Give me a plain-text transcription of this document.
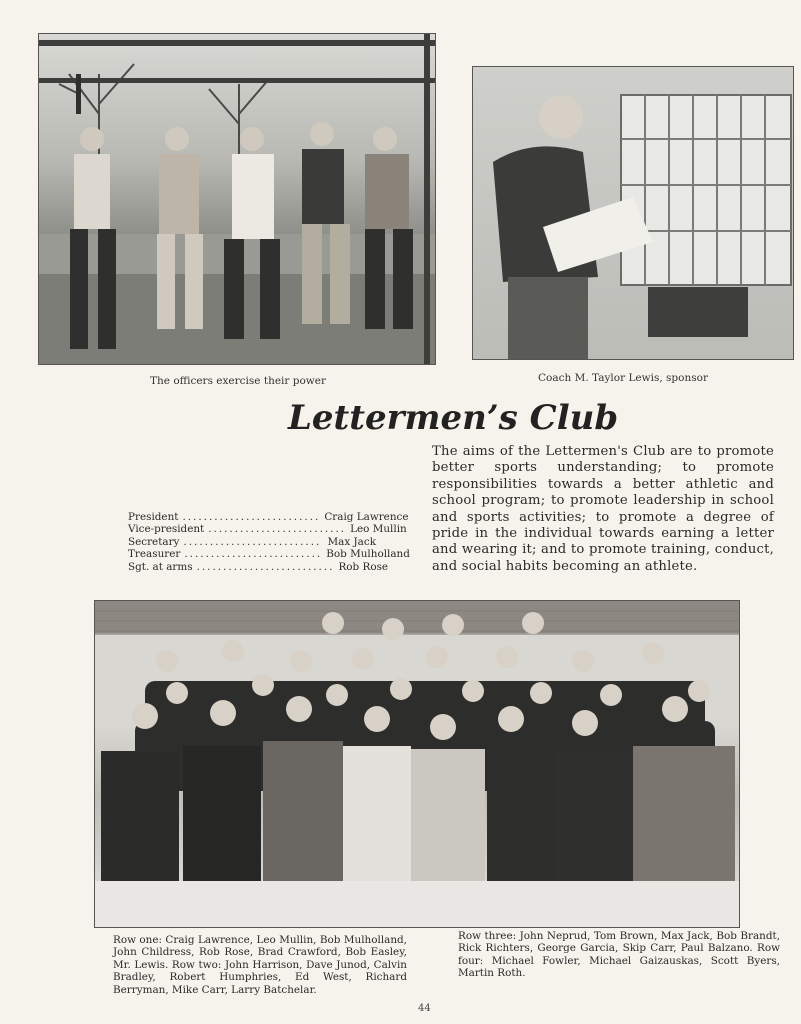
The officers exercise their power	Coach M. Taylor Lewis, sponsor
Lettermen’s Club
The aims of the Lettermen's Club are to promote better sports understanding; to promote responsibilities towards a better athletic and school program; to promote leadership in school and sports activities; to promote a degree of pride in the individual towards earning a letter and wearing it; and to promote training, conduct, and social habits becoming an athlete.
President .......................... Craig Lawrence
Vice-president .......................... Leo Mullin
Secretary .......................... Max Jack
Treasurer .......................... Bob Mulholland
Sgt. at arms .......................... Rob Rose
Row one: Craig Lawrence, Leo Mullin, Bob Mulholland, John Childress, Rob Rose, Brad Crawford, Bob Easley, Mr. Lewis. Row two: John Harrison, Dave Junod, Calvin Bradley, Robert Humphries, Ed West, Richard Berryman, Mike Carr, Larry Batchelar.
Row three: John Neprud, Tom Brown, Max Jack, Bob Brandt, Rick Richters, George Garcia, Skip Carr, Paul Balzano. Row four: Michael Fowler, Michael Gaizauskas, Scott Byers, Martin Roth.
44
